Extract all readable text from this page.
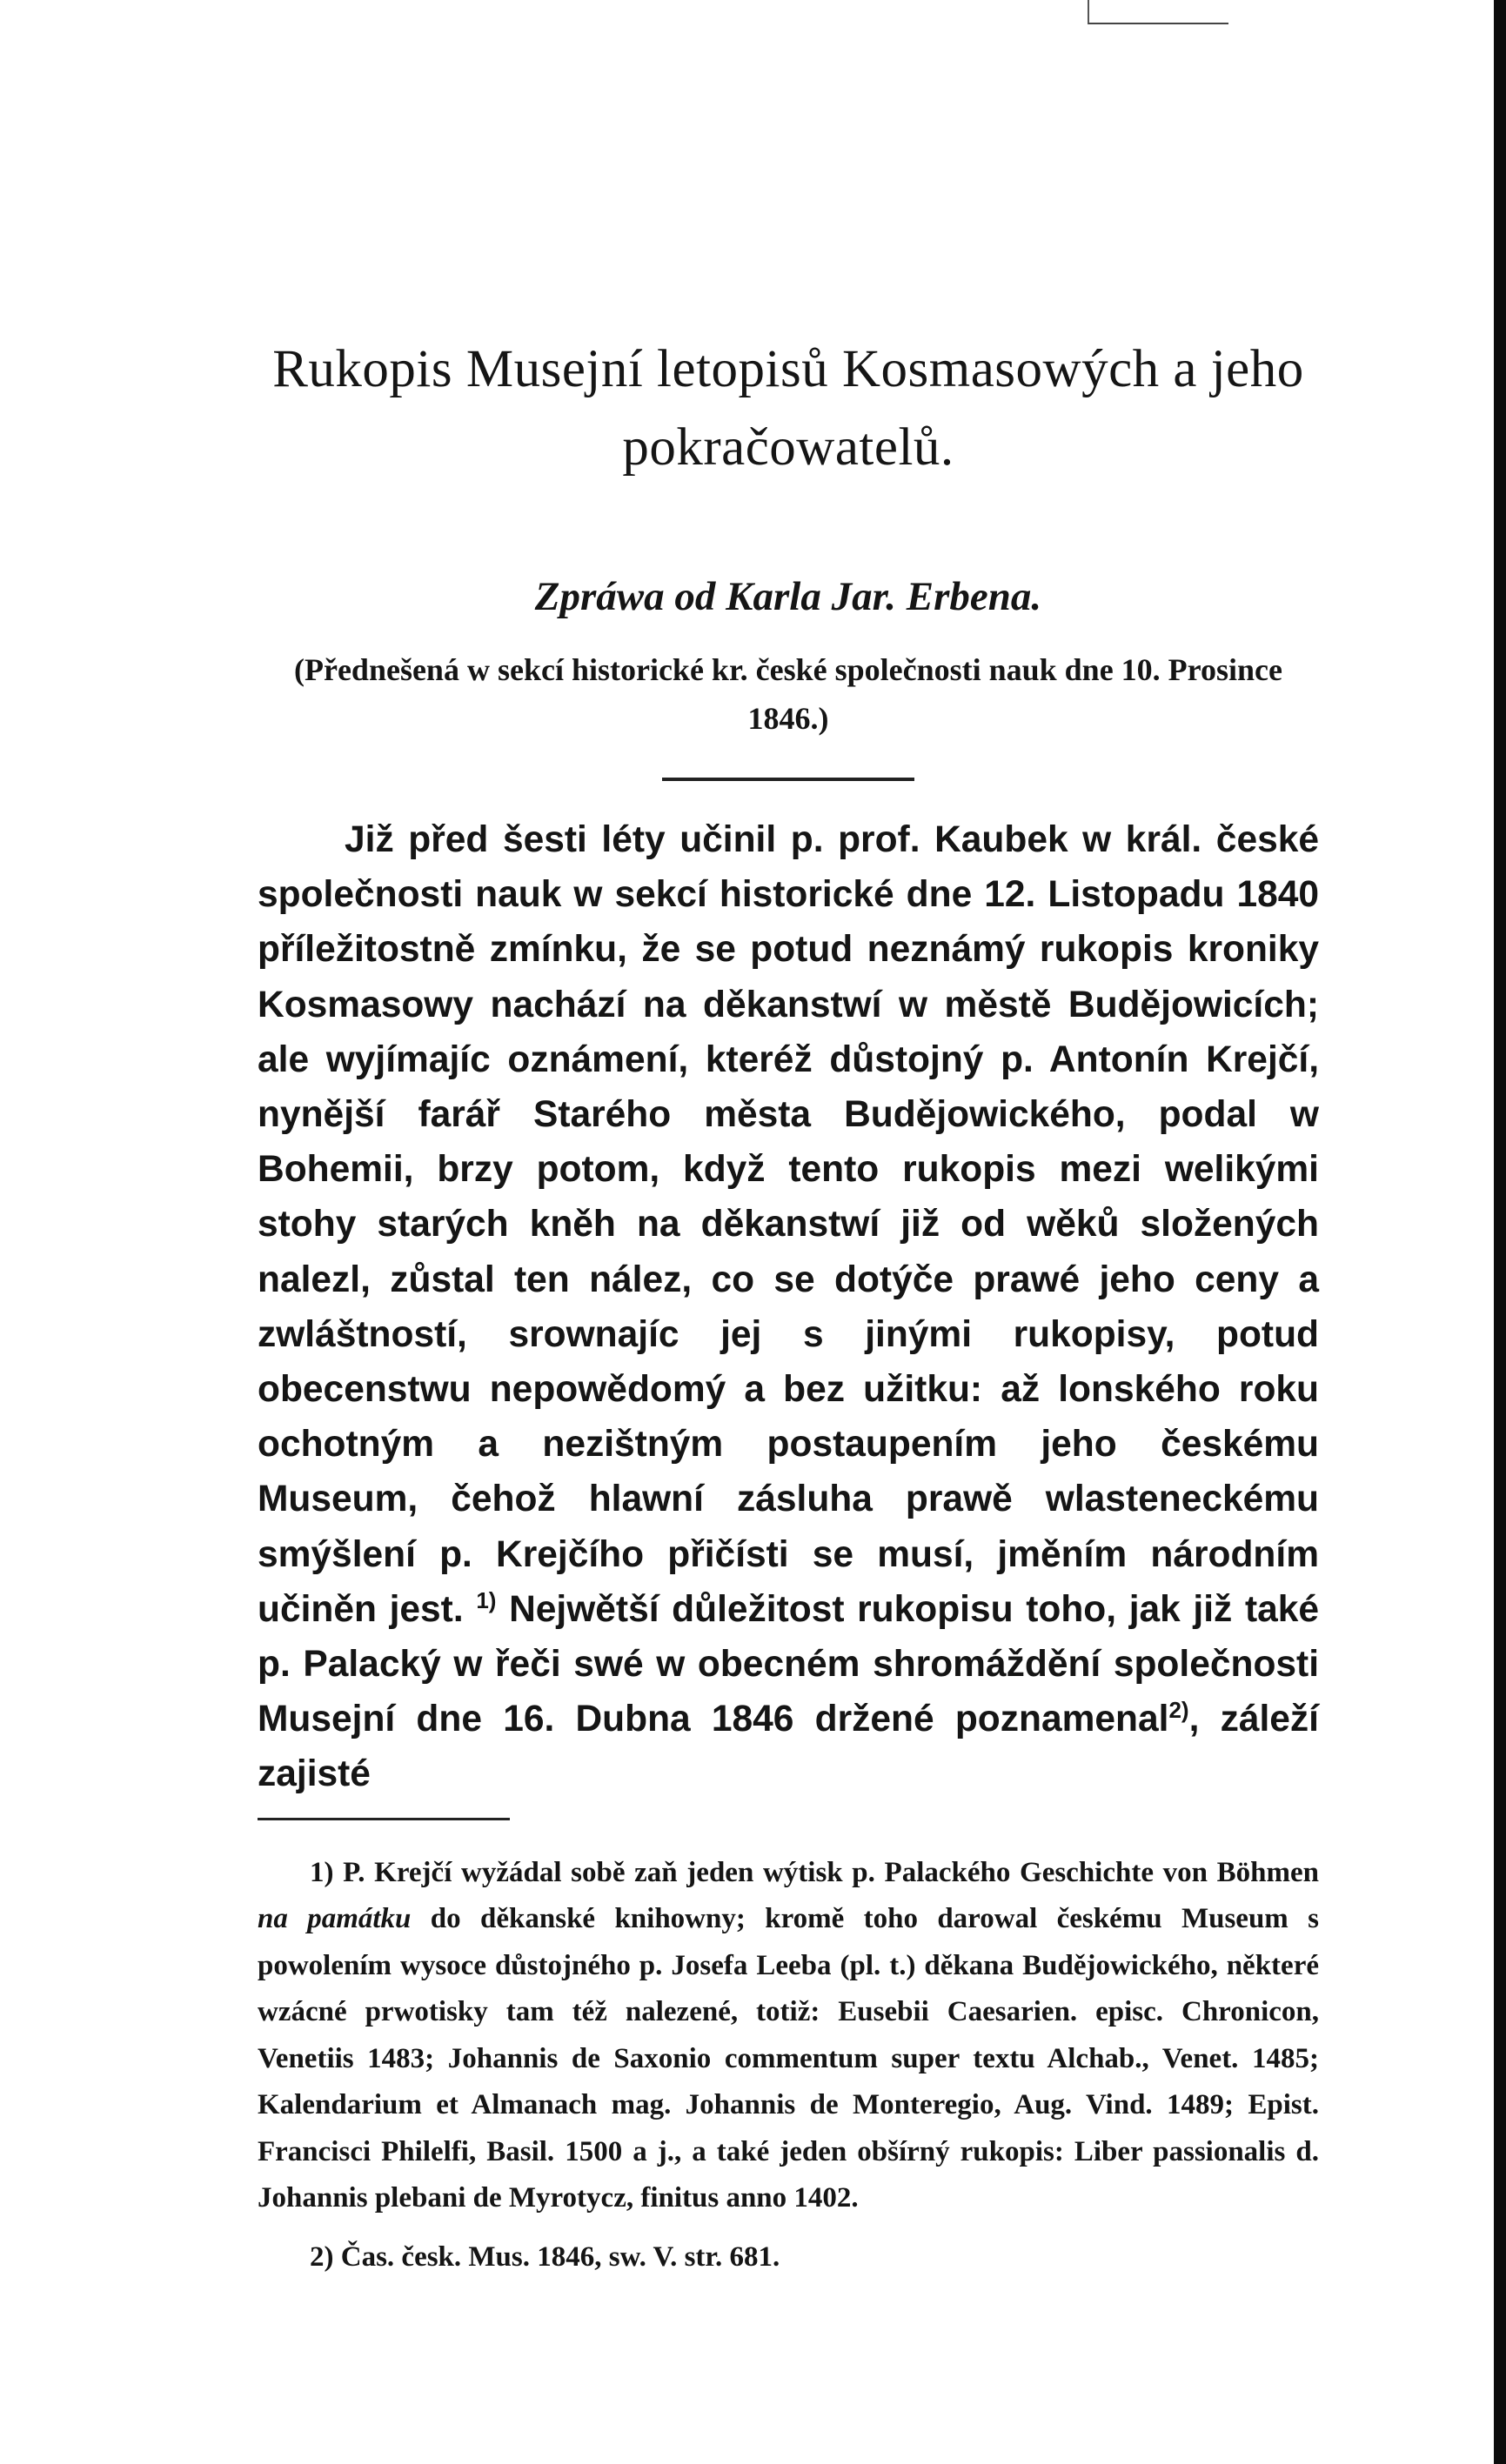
Rukopis Musejní letopisů Kosmasowých a jeho pokračowatelů.
Zpráwa od Karla Jar. Erbena.
(Přednešená w sekcí historické kr. české společnosti nauk dne 10. Prosince 1846.)

Již před šesti léty učinil p. prof. Kaubek w král. české společnosti nauk w sekcí historické dne 12. Listopadu 1840 příležitostně zmínku, že se potud neznámý rukopis kroniky Kosmasowy nachází na děkanstwí w městě Budějowicích; ale wyjímajíc oznámení, kteréž důstojný p. Antonín Krejčí, nynější farář Starého města Budějowického, podal w Bohemii, brzy potom, když tento rukopis mezi welikými stohy starých kněh na děkanstwí již od wěků složených nalezl, zůstal ten nález, co se dotýče prawé jeho ceny a zwláštností, srownajíc jej s jinými rukopisy, potud obecenstwu nepowědomý a bez užitku: až lonského roku ochotným a nezištným postaupením jeho českému Museum, čehož hlawní zásluha prawě wlasteneckému smýšlení p. Krejčího přičísti se musí, jměním národním učiněn jest. $^{1)}$ Nejwětší důležitost rukopisu toho, jak již také p. Palacký w řeči swé w obecném shromáždění společnosti Musejní dne 16. Dubna 1846 držené poznamenal$^{2)}$, záleží zajisté

1) P. Krejčí wyžádal sobě zaň jeden wýtisk p. Palackého Geschichte von Böhmen na památku do děkanské knihowny; kromě toho darowal českému Museum s powolením wysoce důstojného p. Josefa Leeba (pl. t.) děkana Budějowického, některé wzácné prwotisky tam též nalezené, totiž: Eusebii Caesarien. episc. Chronicon, Venetiis 1483; Johannis de Saxonio commentum super textu Alchab., Venet. 1485; Kalendarium et Almanach mag. Johannis de Monteregio, Aug. Vind. 1489; Epist. Francisci Philelfi, Basil. 1500 a j., a také jeden obšírný rukopis: Liber passionalis d. Johannis plebani de Myrotycz, finitus anno 1402.

2) Čas. česk. Mus. 1846, sw. V. str. 681.
